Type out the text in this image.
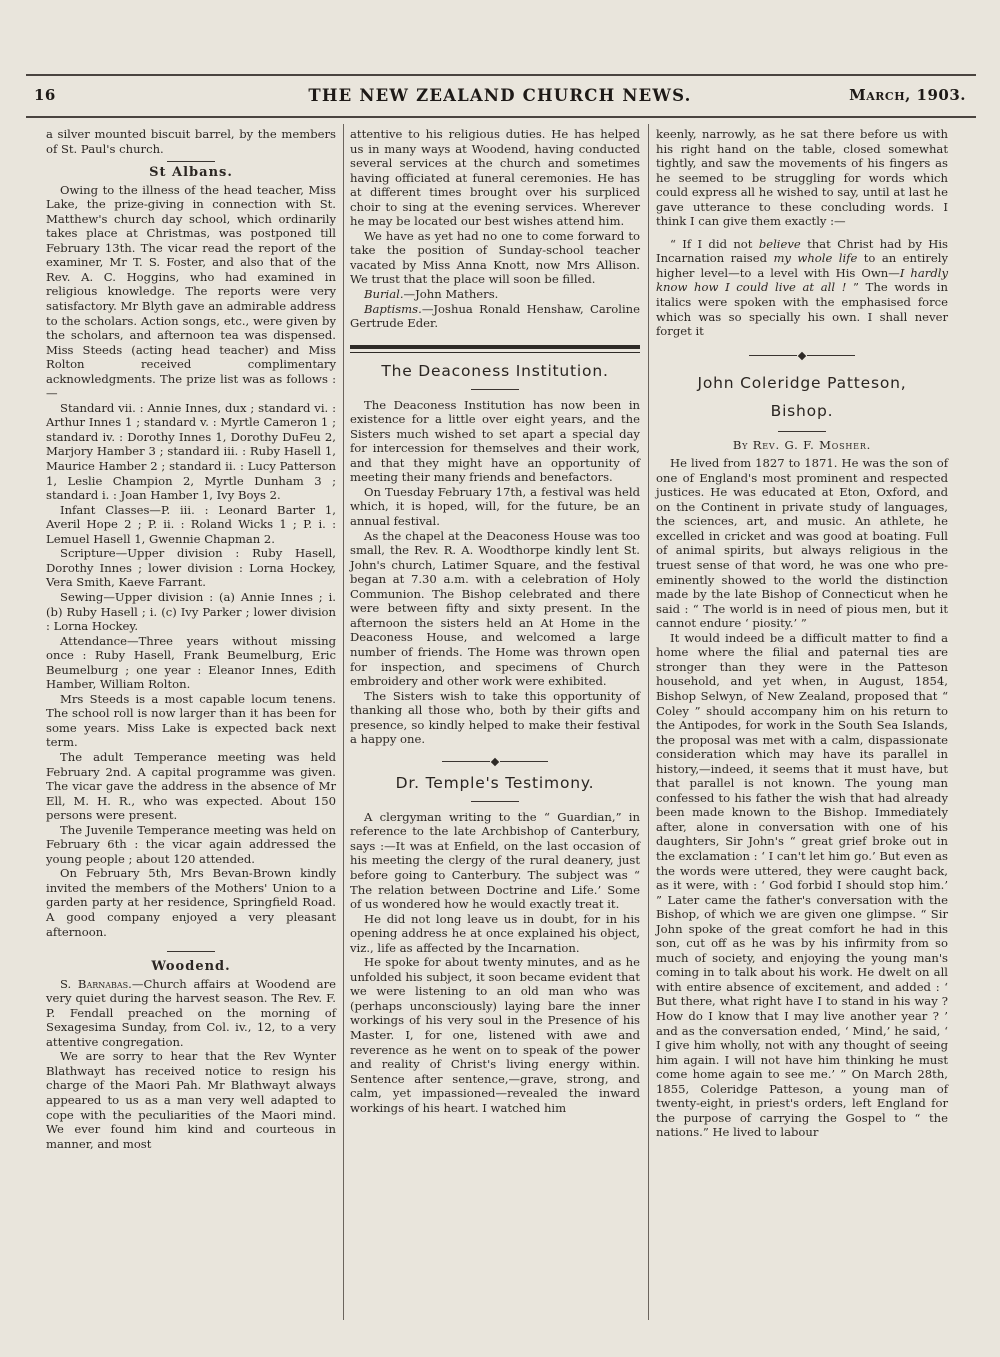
16	THE NEW ZEALAND CHURCH NEWS.	March, 1903.

a silver mounted biscuit barrel, by the members of St. Paul's church.

St Albans.

Owing to the illness of the head teacher, Miss Lake, the prize-giving in connection with St. Matthew's church day school, which ordinarily takes place at Christmas, was postponed till February 13th. The vicar read the report of the examiner, Mr T. S. Foster, and also that of the Rev. A. C. Hoggins, who had examined in religious knowledge. The reports were very satisfactory. Mr Blyth gave an admirable address to the scholars. Action songs, etc., were given by the scholars, and afternoon tea was dispensed. Miss Steeds (acting head teacher) and Miss Rolton received complimentary acknowledgments. The prize list was as follows :—

Standard vii. : Annie Innes, dux ; standard vi. : Arthur Innes 1 ; standard v. : Myrtle Cameron 1 ; standard iv. : Dorothy Innes 1, Dorothy DuFeu 2, Marjory Hamber 3 ; standard iii. : Ruby Hasell 1, Maurice Hamber 2 ; standard ii. : Lucy Patterson 1, Leslie Champion 2, Myrtle Dunham 3 ; standard i. : Joan Hamber 1, Ivy Boys 2.

Infant Classes—P. iii. : Leonard Barter 1, Averil Hope 2 ; P. ii. : Roland Wicks 1 ; P. i. : Lemuel Hasell 1, Gwennie Chapman 2.

Scripture—Upper division : Ruby Hasell, Dorothy Innes ; lower division : Lorna Hockey, Vera Smith, Kaeve Farrant.

Sewing—Upper division : (a) Annie Innes ; i. (b) Ruby Hasell ; i. (c) Ivy Parker ; lower division : Lorna Hockey.

Attendance—Three years without missing once : Ruby Hasell, Frank Beumelburg, Eric Beumelburg ; one year : Eleanor Innes, Edith Hamber, William Rolton.

Mrs Steeds is a most capable locum tenens. The school roll is now larger than it has been for some years. Miss Lake is expected back next term.

The adult Temperance meeting was held February 2nd. A capital programme was given. The vicar gave the address in the absence of Mr Ell, M. H. R., who was expected. About 150 persons were present.

The Juvenile Temperance meeting was held on February 6th : the vicar again addressed the young people ; about 120 attended.

On February 5th, Mrs Bevan-Brown kindly invited the members of the Mothers' Union to a garden party at her residence, Springfield Road. A good company enjoyed a very pleasant afternoon.

Woodend.

S. Barnabas.—Church affairs at Woodend are very quiet during the harvest season. The Rev. F. P. Fendall preached on the morning of Sexagesima Sunday, from Col. iv., 12, to a very attentive congregation.

We are sorry to hear that the Rev Wynter Blathwayt has received notice to resign his charge of the Maori Pah. Mr Blathwayt always appeared to us as a man very well adapted to cope with the peculiarities of the Maori mind. We ever found him kind and courteous in manner, and most

attentive to his religious duties. He has helped us in many ways at Woodend, having conducted several services at the church and sometimes having officiated at funeral ceremonies. He has at different times brought over his surpliced choir to sing at the evening services. Wherever he may be located our best wishes attend him.

We have as yet had no one to come forward to take the position of Sunday-school teacher vacated by Miss Anna Knott, now Mrs Allison. We trust that the place will soon be filled.

Burial.—John Mathers.

Baptisms.—Joshua Ronald Henshaw, Caroline Gertrude Eder.

The Deaconess Institution.

The Deaconess Institution has now been in existence for a little over eight years, and the Sisters much wished to set apart a special day for intercession for themselves and their work, and that they might have an opportunity of meeting their many friends and benefactors.

On Tuesday February 17th, a festival was held which, it is hoped, will, for the future, be an annual festival.

As the chapel at the Deaconess House was too small, the Rev. R. A. Woodthorpe kindly lent St. John's church, Latimer Square, and the festival began at 7.30 a.m. with a celebration of Holy Communion. The Bishop celebrated and there were between fifty and sixty present. In the afternoon the sisters held an At Home in the Deaconess House, and welcomed a large number of friends. The Home was thrown open for inspection, and specimens of Church embroidery and other work were exhibited.

The Sisters wish to take this opportunity of thanking all those who, both by their gifts and presence, so kindly helped to make their festival a happy one.

Dr. Temple's Testimony.

A clergyman writing to the “ Guardian,” in reference to the late Archbishop of Canterbury, says :—It was at Enfield, on the last occasion of his meeting the clergy of the rural deanery, just before going to Canterbury. The subject was “ The relation between Doctrine and Life.’ Some of us wondered how he would exactly treat it.

He did not long leave us in doubt, for in his opening address he at once explained his object, viz., life as affected by the Incarnation.

He spoke for about twenty minutes, and as he unfolded his subject, it soon became evident that we were listening to an old man who was (perhaps unconsciously) laying bare the inner workings of his very soul in the Presence of his Master. I, for one, listened with awe and reverence as he went on to speak of the power and reality of Christ's living energy within. Sentence after sentence,—grave, strong, and calm, yet impassioned—revealed the inward workings of his heart. I watched him

keenly, narrowly, as he sat there before us with his right hand on the table, closed somewhat tightly, and saw the movements of his fingers as he seemed to be struggling for words which could express all he wished to say, until at last he gave utterance to these concluding words. I think I can give them exactly :—

“ If I did not believe that Christ had by His Incarnation raised my whole life to an entirely higher level—to a level with His Own—I hardly know how I could live at all ! ” The words in italics were spoken with the emphasised force which was so specially his own. I shall never forget it

John Coleridge Patteson,
Bishop.
By Rev. G. F. Mosher.

He lived from 1827 to 1871. He was the son of one of England's most prominent and respected justices. He was educated at Eton, Oxford, and on the Continent in private study of languages, the sciences, art, and music. An athlete, he excelled in cricket and was good at boating. Full of animal spirits, but always religious in the truest sense of that word, he was one who pre-eminently showed to the world the distinction made by the late Bishop of Connecticut when he said : “ The world is in need of pious men, but it cannot endure ‘ piosity.’ ”

It would indeed be a difficult matter to find a home where the filial and paternal ties are stronger than they were in the Patteson household, and yet when, in August, 1854, Bishop Selwyn, of New Zealand, proposed that “ Coley ” should accompany him on his return to the Antipodes, for work in the South Sea Islands, the proposal was met with a calm, dispassionate consideration which may have its parallel in history,—indeed, it seems that it must have, but that parallel is not known. The young man confessed to his father the wish that had already been made known to the Bishop. Immediately after, alone in conversation with one of his daughters, Sir John's “ great grief broke out in the exclamation : ‘ I can't let him go.’ But even as the words were uttered, they were caught back, as it were, with : ‘ God forbid I should stop him.’ ” Later came the father's conversation with the Bishop, of which we are given one glimpse. “ Sir John spoke of the great comfort he had in this son, cut off as he was by his infirmity from so much of society, and enjoying the young man's coming in to talk about his work. He dwelt on all with entire absence of excitement, and added : ‘ But there, what right have I to stand in his way ? How do I know that I may live another year ? ’ and as the conversation ended, ‘ Mind,’ he said, ‘ I give him wholly, not with any thought of seeing him again. I will not have him thinking he must come home again to see me.’ ” On March 28th, 1855, Coleridge Patteson, a young man of twenty-eight, in priest's orders, left England for the purpose of carrying the Gospel to “ the nations.” He lived to labour
